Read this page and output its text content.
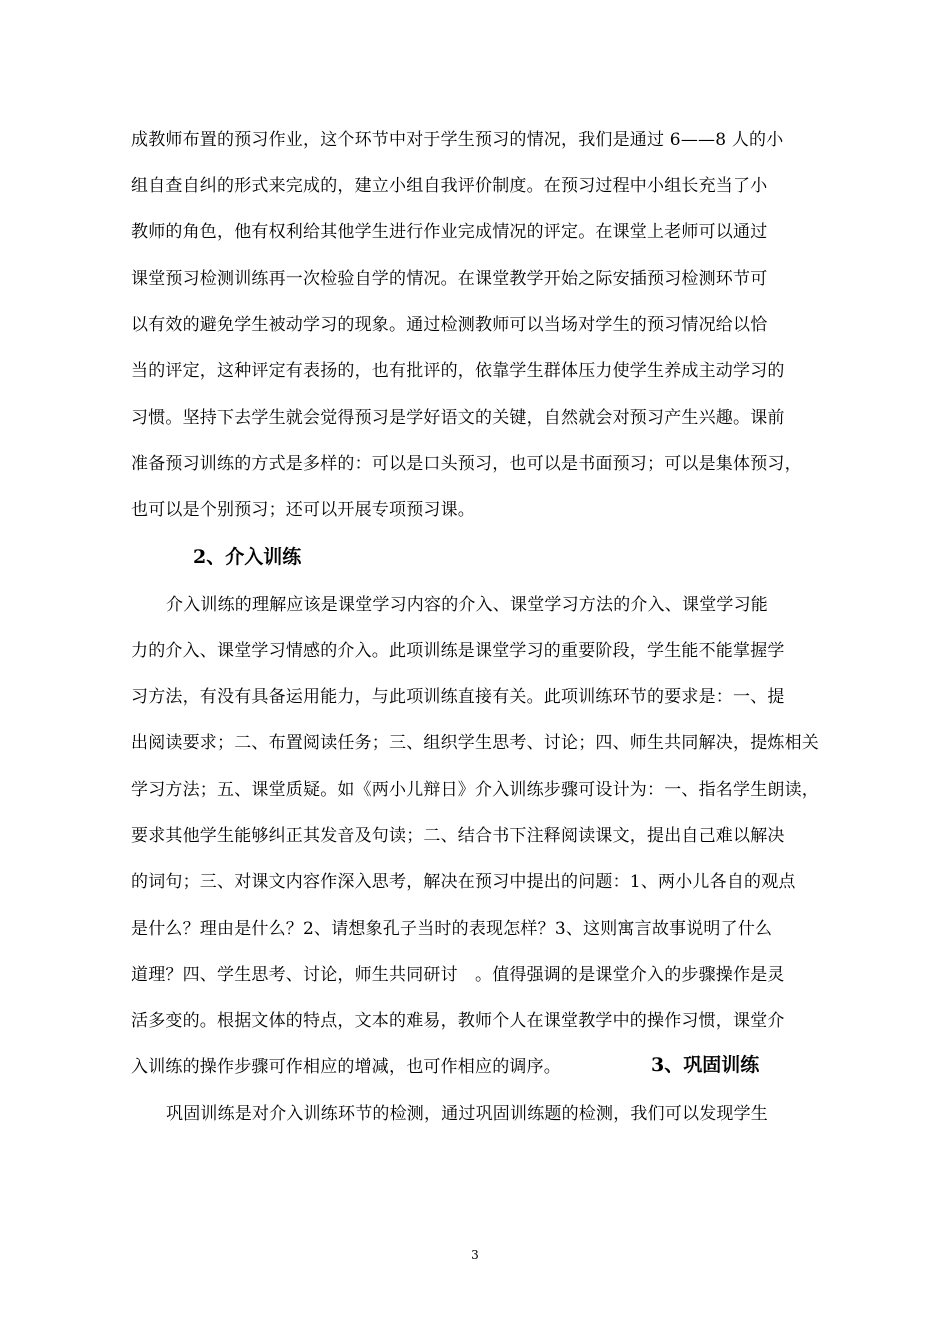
成教师布置的预习作业，这个环节中对于学生预习的情况，我们是通过 6——8 人的小
组自查自纠的形式来完成的，建立小组自我评价制度。在预习过程中小组长充当了小
教师的角色，他有权利给其他学生进行作业完成情况的评定。在课堂上老师可以通过
课堂预习检测训练再一次检验自学的情况。在课堂教学开始之际安插预习检测环节可
以有效的避免学生被动学习的现象。通过检测教师可以当场对学生的预习情况给以恰
当的评定，这种评定有表扬的，也有批评的，依靠学生群体压力使学生养成主动学习的
习惯。坚持下去学生就会觉得预习是学好语文的关键，自然就会对预习产生兴趣。课前
准备预习训练的方式是多样的：可以是口头预习，也可以是书面预习；可以是集体预习，
也可以是个别预习；还可以开展专项预习课。
2、介入训练
介入训练的理解应该是课堂学习内容的介入、课堂学习方法的介入、课堂学习能
力的介入、课堂学习情感的介入。此项训练是课堂学习的重要阶段，学生能不能掌握学
习方法，有没有具备运用能力，与此项训练直接有关。此项训练环节的要求是：一、提
出阅读要求；二、布置阅读任务；三、组织学生思考、讨论；四、师生共同解决，提炼相关
学习方法；五、课堂质疑。如《两小儿辩日》介入训练步骤可设计为：一、指名学生朗读，
要求其他学生能够纠正其发音及句读；二、结合书下注释阅读课文，提出自己难以解决
的词句；三、对课文内容作深入思考，解决在预习中提出的问题：1、两小儿各自的观点
是什么？理由是什么？2、请想象孔子当时的表现怎样？3、这则寓言故事说明了什么
道理？四、学生思考、讨论，师生共同研讨　。值得强调的是课堂介入的步骤操作是灵
活多变的。根据文体的特点，文本的难易，教师个人在课堂教学中的操作习惯，课堂介
入训练的操作步骤可作相应的增减，也可作相应的调序。	3、巩固训练
巩固训练是对介入训练环节的检测，通过巩固训练题的检测，我们可以发现学生
3
